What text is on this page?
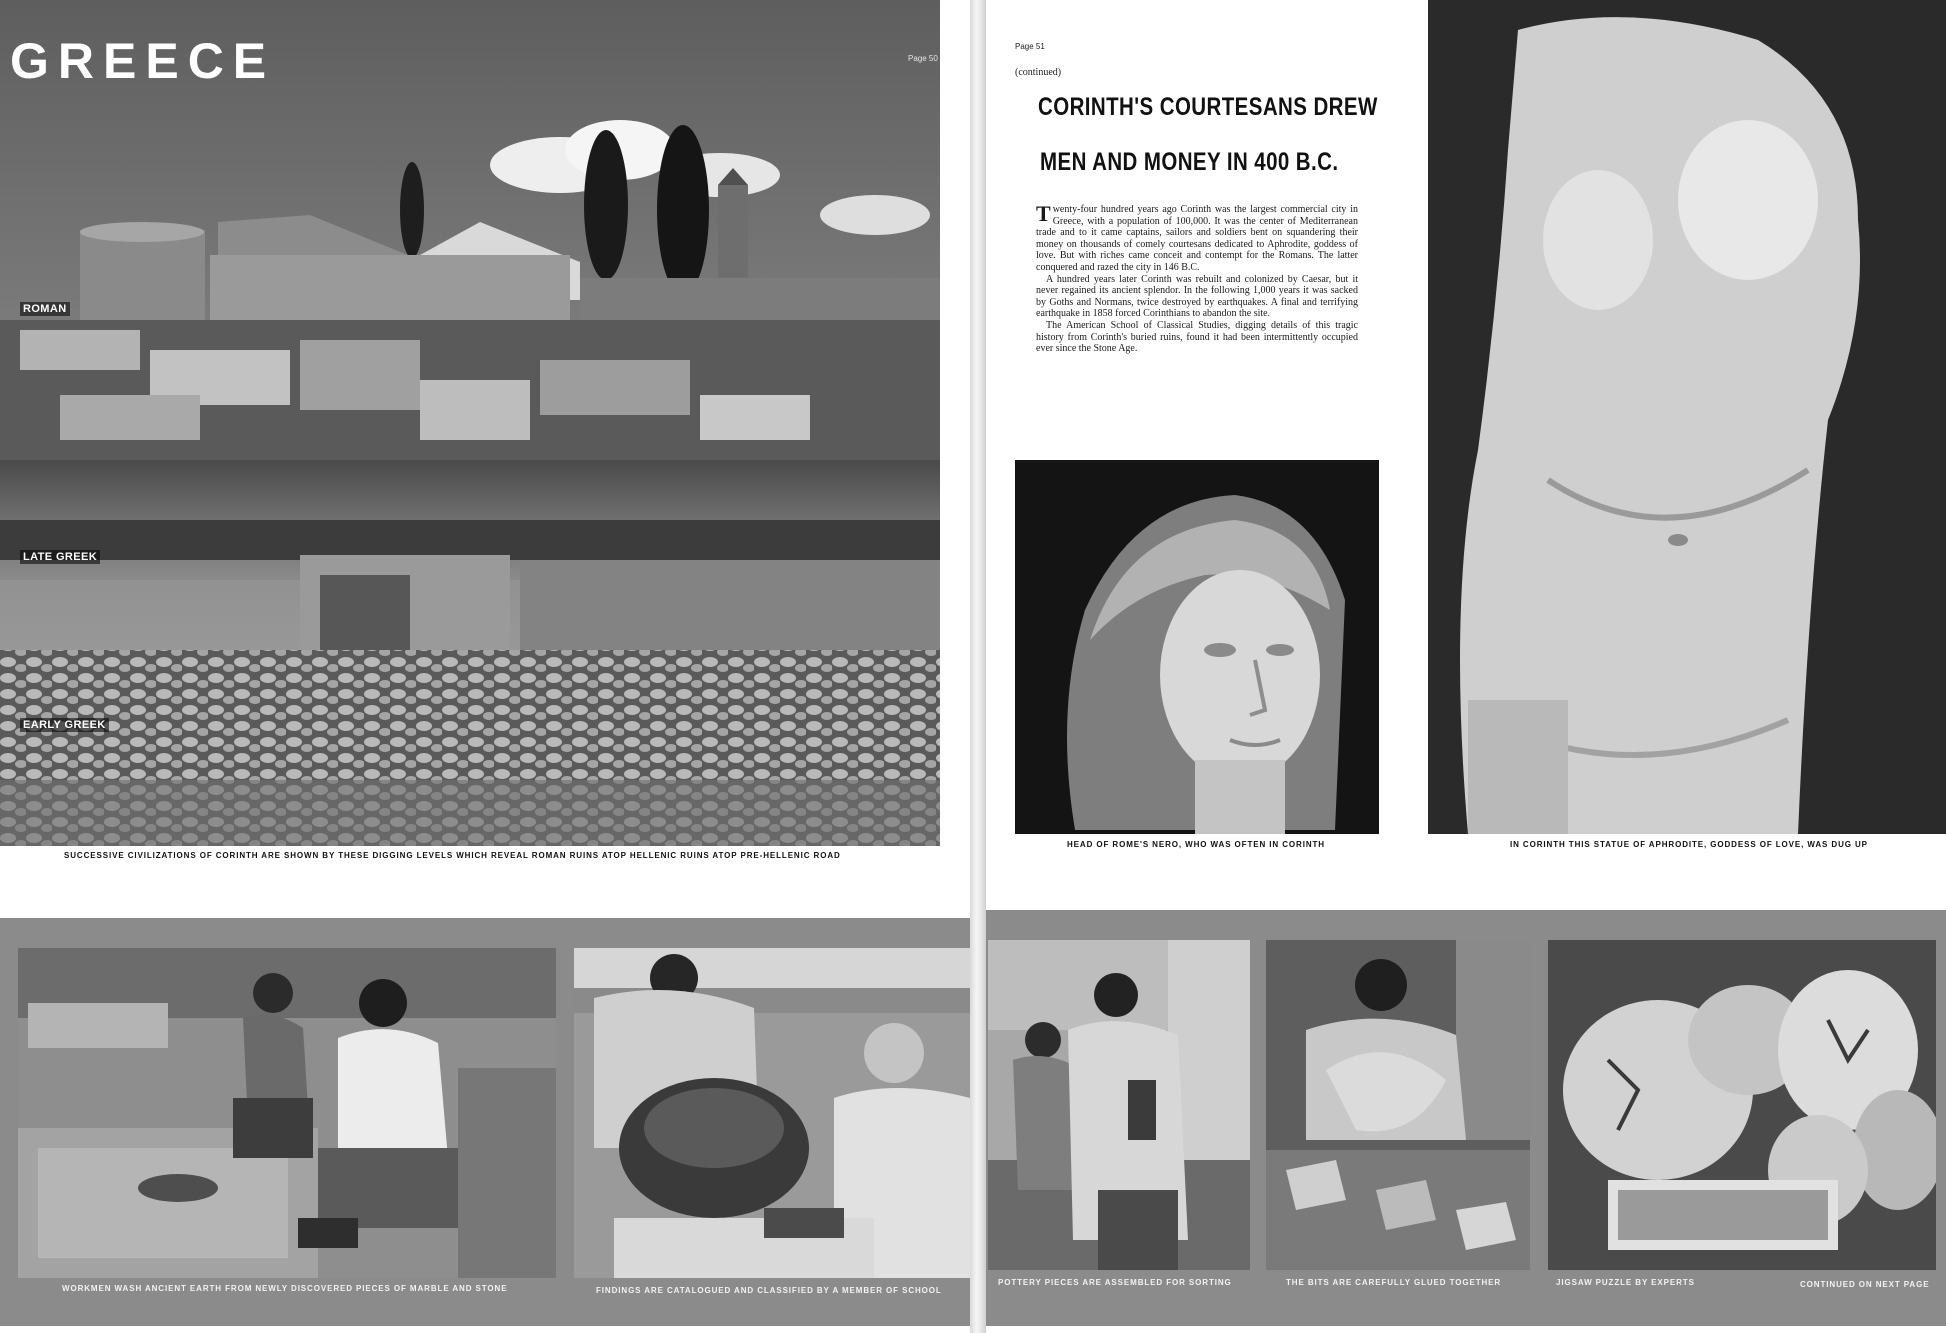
GREECE	Page 50
ROMAN
LATE GREEK
EARLY GREEK
SUCCESSIVE CIVILIZATIONS OF CORINTH ARE SHOWN BY THESE DIGGING LEVELS WHICH REVEAL ROMAN RUINS ATOP HELLENIC RUINS ATOP PRE-HELLENIC ROAD
WORKMEN WASH ANCIENT EARTH FROM NEWLY DISCOVERED PIECES OF MARBLE AND STONE	FINDINGS ARE CATALOGUED AND CLASSIFIED BY A MEMBER OF SCHOOL
Page 51
(continued)
CORINTH'S COURTESANS DREW
MEN AND MONEY IN 400 B.C.

Twenty-four hundred years ago Corinth was the largest commercial city in Greece, with a population of 100,000. It was the center of Mediterranean trade and to it came captains, sailors and soldiers bent on squandering their money on thousands of comely courtesans dedicated to Aphrodite, goddess of love. But with riches came conceit and contempt for the Romans. The latter conquered and razed the city in 146 B.C.

A hundred years later Corinth was rebuilt and colonized by Caesar, but it never regained its ancient splendor. In the following 1,000 years it was sacked by Goths and Normans, twice destroyed by earthquakes. A final and terrifying earthquake in 1858 forced Corinthians to abandon the site.

The American School of Classical Studies, digging details of this tragic history from Corinth's buried ruins, found it had been intermittently occupied ever since the Stone Age.

HEAD OF ROME'S NERO, WHO WAS OFTEN IN CORINTH	IN CORINTH THIS STATUE OF APHRODITE, GODDESS OF LOVE, WAS DUG UP
POTTERY PIECES ARE ASSEMBLED FOR SORTING	THE BITS ARE CAREFULLY GLUED TOGETHER	JIGSAW PUZZLE BY EXPERTS	CONTINUED ON NEXT PAGE
